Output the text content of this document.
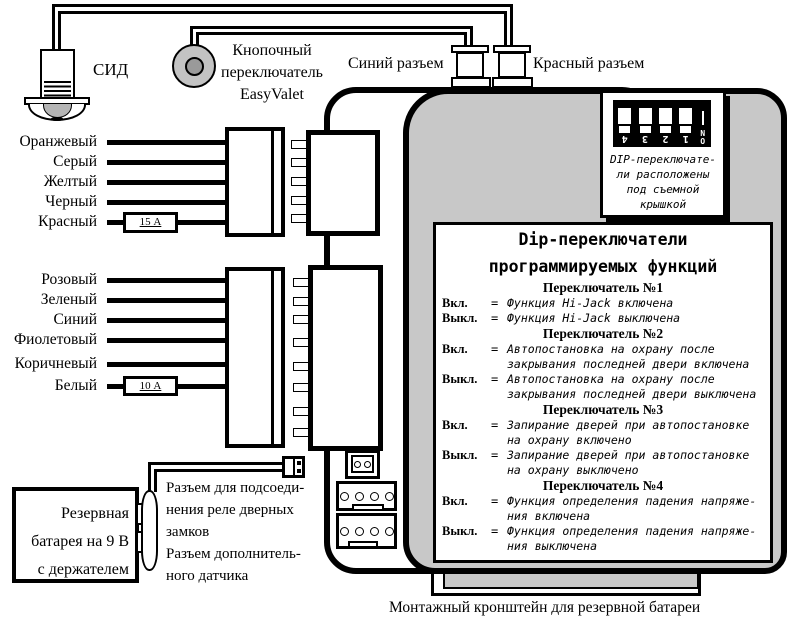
СИД
Кнопочный
переключатель
EasyValet
Синий разъем	Красный разъем
O
N
1
2
3
4
DIP-переключате-
ли расположены
под съемной
крышкой
Dip-переключатели
программируемых функций
Переключатель №1
Вкл.	= Функция Hi-Jack включена
Выкл.	= Функция Hi-Jack выключена
Переключатель №2
Вкл.	= Автопостановка на охрану после
закрывания последней двери включена
Выкл.	= Автопостановка на охрану после
закрывания последней двери выключена
Переключатель №3
Вкл.	= Запирание дверей при автопостановке
на охрану включено
Выкл.	= Запирание дверей при автопостановке
на охрану выключено
Переключатель №4
Вкл.	= Функция определения падения напряже-
ния включена
Выкл.	= Функция определения падения напряже-
ния выключена
15 А
Оранжевый
Серый
Желтый
Черный
Красный
10 А
Розовый
Зеленый
Синий
Фиолетовый
Коричневый
Белый
Резервная
батарея на 9 В
с держателем
Разъем для подсоеди-
нения реле дверных
замков
Разъем дополнитель-
ного датчика
Монтажный кронштейн для резервной батареи
